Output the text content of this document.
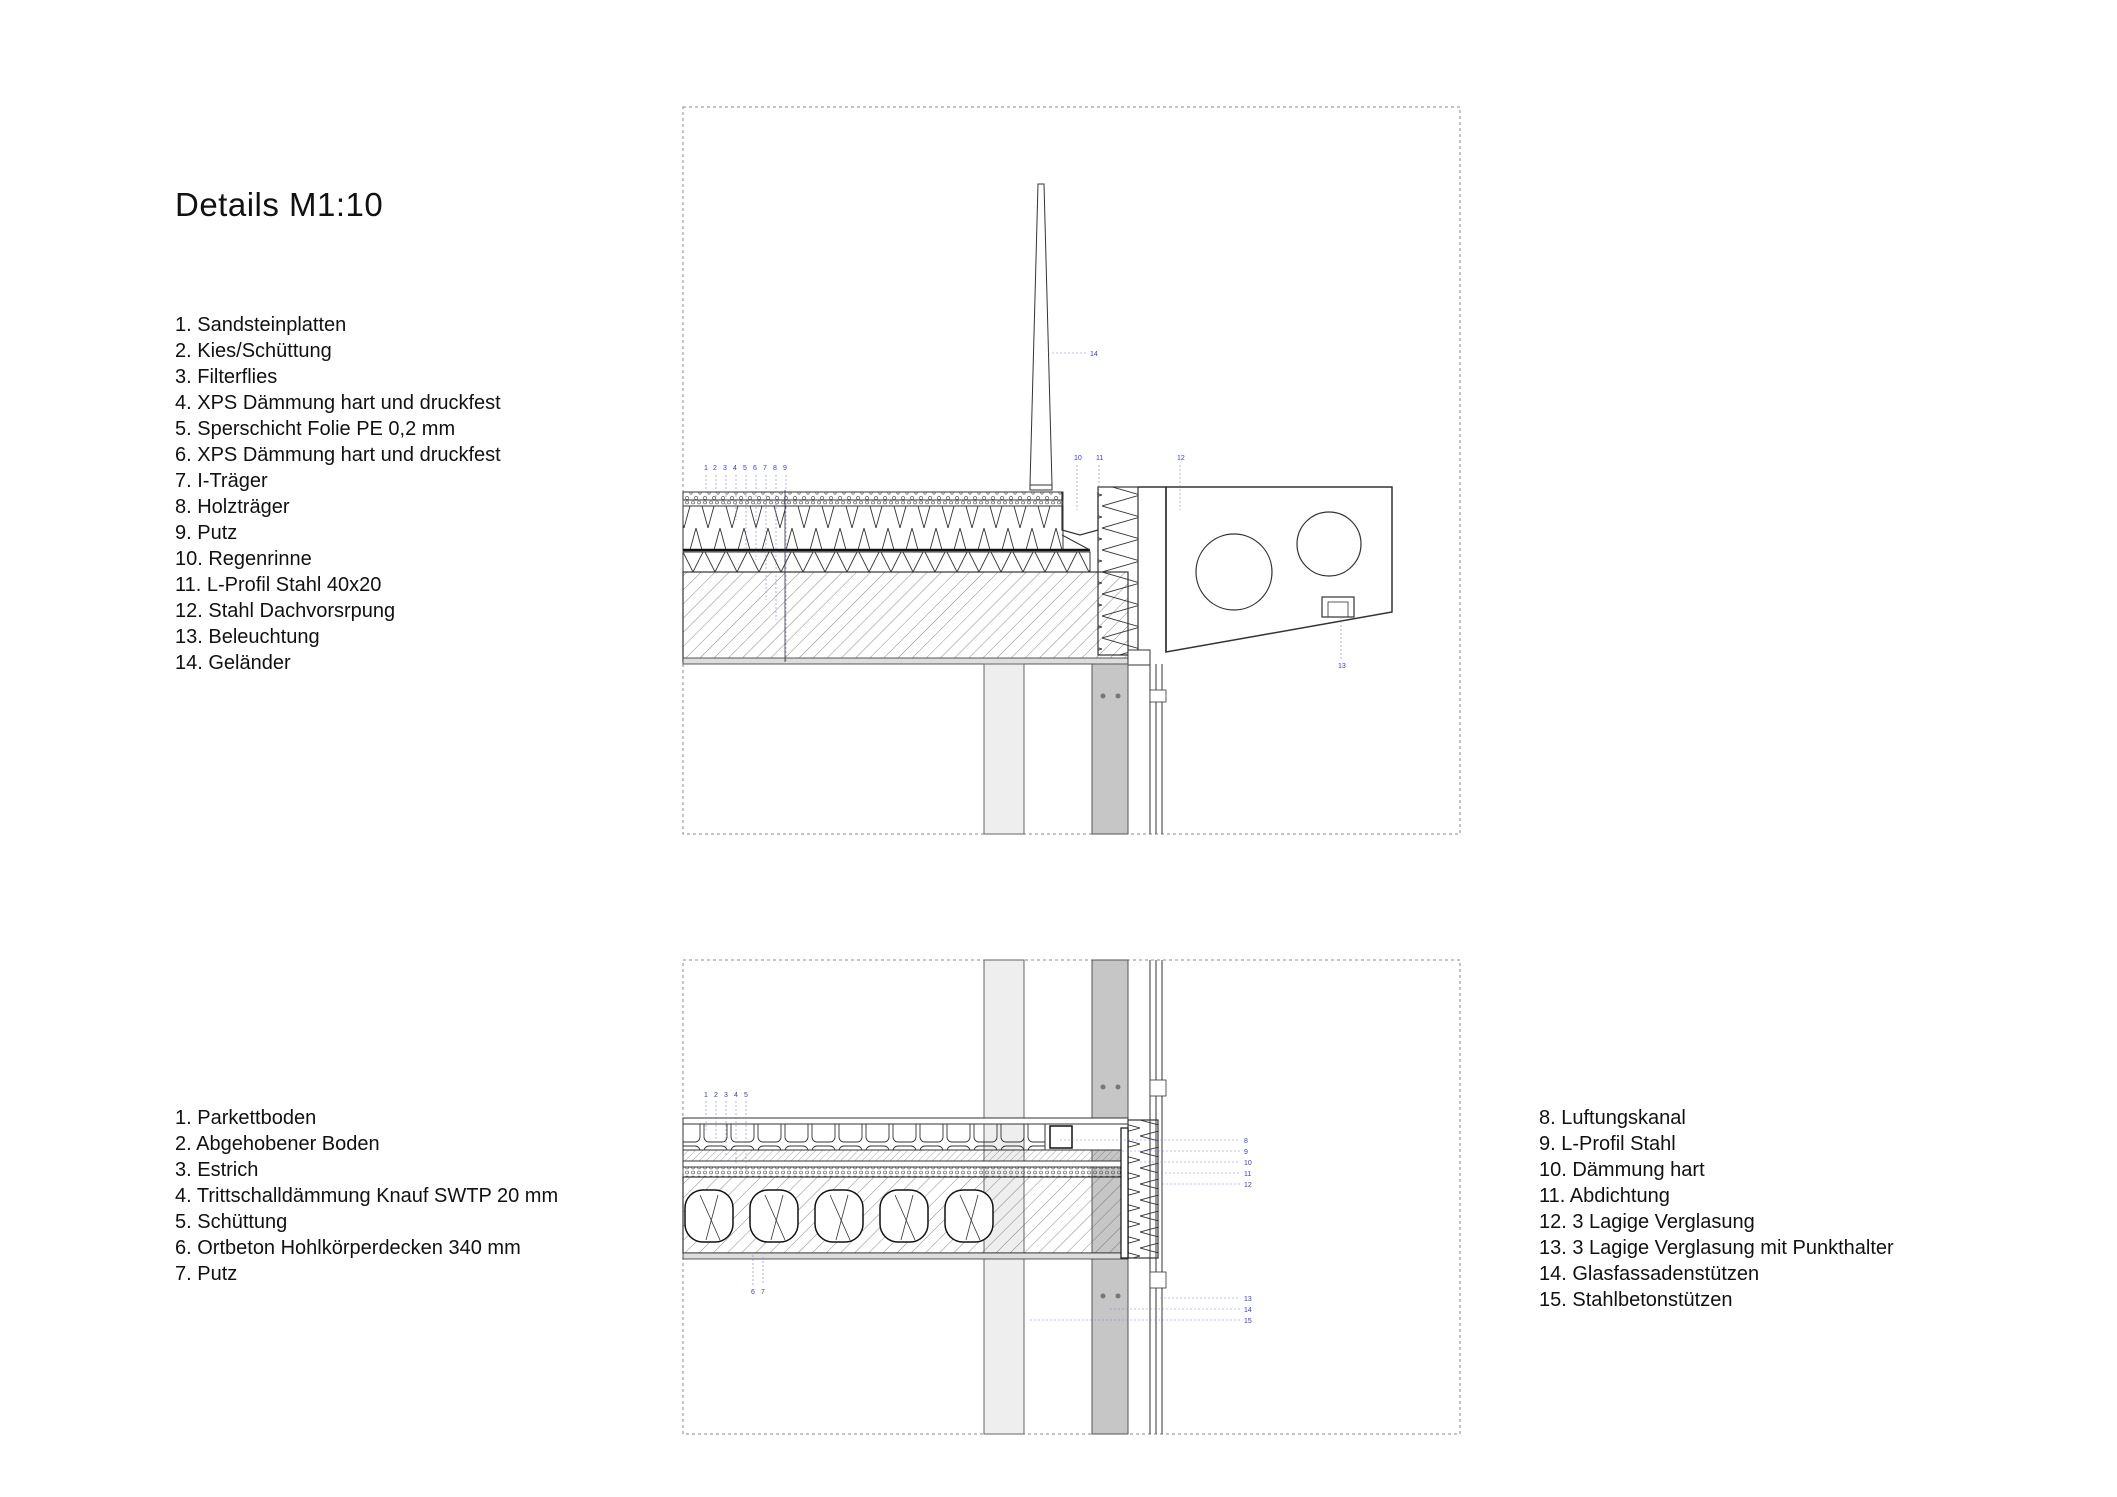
Details M1:10
1. Sandsteinplatten
2. Kies/Schüttung
3. Filterflies
4. XPS Dämmung hart und druckfest
5. Sperschicht Folie PE 0,2 mm
6. XPS Dämmung hart und druckfest
7. I-Träger
8. Holzträger
9. Putz
10. Regenrinne
11. L-Profil Stahl 40x20
12. Stahl Dachvorsrpung
13. Beleuchtung
14. Geländer
1. Parkettboden
2. Abgehobener Boden
3. Estrich
4. Trittschalldämmung Knauf SWTP 20 mm
5. Schüttung
6. Ortbeton Hohlkörperdecken 340 mm
7. Putz
8. Luftungskanal
9. L-Profil Stahl
10. Dämmung hart
11. Abdichtung
12. 3 Lagige Verglasung
13. 3 Lagige Verglasung mit Punkthalter
14. Glasfassadenstützen
15. Stahlbetonstützen
1 2 3 4 5 6 7 8 9
10 11	12
13
14
1 2 3 4 5
6 7
8
9
10
11
12
13
14
15
